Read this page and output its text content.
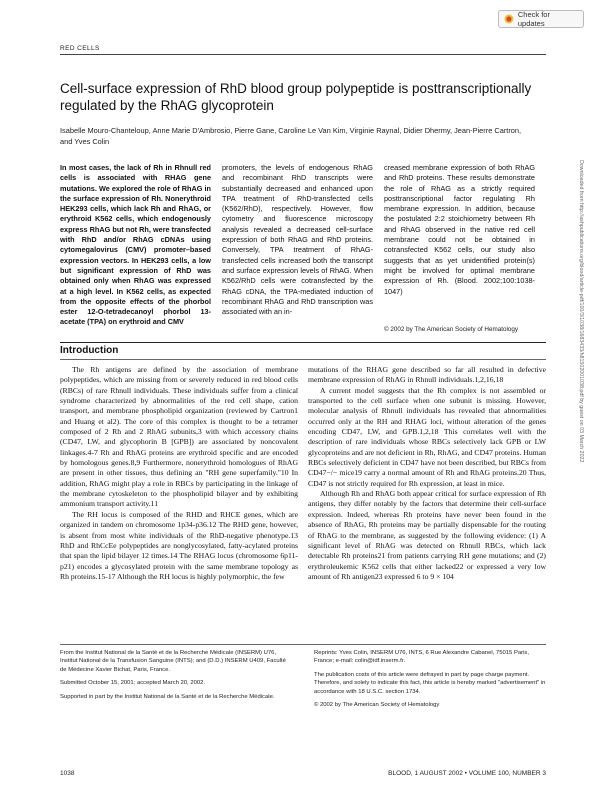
Check for updates
RED CELLS
Cell-surface expression of RhD blood group polypeptide is posttranscriptionally regulated by the RhAG glycoprotein
Isabelle Mouro-Chanteloup, Anne Marie D'Ambrosio, Pierre Gane, Caroline Le Van Kim, Virginie Raynal, Didier Dhermy, Jean-Pierre Cartron, and Yves Colin
In most cases, the lack of Rh in Rhnull red cells is associated with RHAG gene mutations. We explored the role of RhAG in the surface expression of Rh. Nonerythroid HEK293 cells, which lack Rh and RhAG, or erythroid K562 cells, which endogenously express RhAG but not Rh, were transfected with RhD and/or RhAG cDNAs using cytomegalovirus (CMV) promoter–based expression vectors. In HEK293 cells, a low but significant expression of RhD was obtained only when RhAG was expressed at a high level. In K562 cells, as expected from the opposite effects of the phorbol ester 12-O-tetradecanoyl phorbol 13-acetate (TPA) on erythroid and CMV
promoters, the levels of endogenous RhAG and recombinant RhD transcripts were substantially decreased and enhanced upon TPA treatment of RhD-transfected cells (K562/RhD), respectively. However, flow cytometry and fluorescence microscopy analysis revealed a decreased cell-surface expression of both RhAG and RhD proteins. Conversely, TPA treatment of RhAG-transfected cells increased both the transcript and surface expression levels of RhAG. When K562/RhD cells were cotransfected by the RhAG cDNA, the TPA-mediated induction of recombinant RhAG and RhD transcription was associated with an in-
creased membrane expression of both RhAG and RhD proteins. These results demonstrate the role of RhAG as a strictly required posttranscriptional factor regulating Rh membrane expression. In addition, because the postulated 2:2 stoichiometry between Rh and RhAG observed in the native red cell membrane could not be obtained in cotransfected K562 cells, our study also suggests that as yet unidentified protein(s) might be involved for optimal membrane expression of Rh. (Blood. 2002;100:1038-1047)
© 2002 by The American Society of Hematology
Introduction

The Rh antigens are defined by the association of membrane polypeptides, which are missing from or severely reduced in red blood cells (RBCs) of rare Rhnull individuals. These individuals suffer from a clinical syndrome characterized by abnormalities of the red cell shape, cation transport, and membrane phospholipid organization (reviewed by Cartron1 and Huang et al2). The core of this complex is thought to be a tetramer composed of 2 Rh and 2 RhAG subunits,3 with which accessory chains (CD47, LW, and glycophorin B [GPB]) are associated by noncovalent linkages.4-7 Rh and RhAG proteins are erythroid specific and are encoded by homologous genes.8,9 Furthermore, nonerythroid homologues of RhAG are present in other tissues, thus defining an "RH gene superfamily."10 In addition, RhAG might play a role in RBCs by participating in the linkage of the membrane cytoskeleton to the phospholipid bilayer and by exhibiting ammonium transport activity.11

The RH locus is composed of the RHD and RHCE genes, which are organized in tandem on chromosome 1p34-p36.12 The RHD gene, however, is absent from most white individuals of the RhD-negative phenotype.13 RhD and RhCcEe polypeptides are nonglycosylated, fatty-acylated proteins that span the lipid bilayer 12 times.14 The RHAG locus (chromosome 6p11-p21) encodes a glycosylated protein with the same membrane topology as Rh proteins.15-17 Although the RH locus is highly polymorphic, the few

mutations of the RHAG gene described so far all resulted in defective membrane expression of RhAG in Rhnull individuals.1,2,16,18

A current model suggests that the Rh complex is not assembled or transported to the cell surface when one subunit is missing. However, molecular analysis of Rhnull individuals has revealed that abnormalities occurred only at the RH and RHAG loci, without alteration of the genes encoding CD47, LW, and GPB.1,2,18 This correlates well with the description of rare individuals whose RBCs selectively lack GPB or LW glycoproteins and are not deficient in Rh, RhAG, and CD47 proteins. Human RBCs selectively deficient in CD47 have not been described, but RBCs from CD47−/− mice19 carry a normal amount of Rh and RhAG proteins.20 Thus, CD47 is not strictly required for Rh expression, at least in mice.

Although Rh and RhAG both appear critical for surface expression of Rh antigens, they differ notably by the factors that determine their cell-surface expression. Indeed, whereas Rh proteins have never been found in the absence of RhAG, Rh proteins may be partially dispensable for the routing of RhAG to the membrane, as suggested by the following evidence: (1) A significant level of RhAG was detected on Rhnull RBCs, which lack detectable Rh proteins21 from patients carrying RH gene mutations; and (2) erythroleukemic K562 cells that either lacked22 or expressed a very low amount of Rh antigen23 expressed 6 to 9 × 104

From the Institut National de la Santé et de la Recherche Médicale (INSERM) U76, Institut National de la Transfusion Sanguine (INTS); and (D.D.) INSERM U409, Faculté de Médecine Xavier Bichat, Paris, France.

Submitted October 15, 2001; accepted March 20, 2002.

Supported in part by the Institut National de la Santé et de la Recherche Médicale.

Reprints: Yves Colin, INSERM U76, INTS, 6 Rue Alexandre Cabanel, 75015 Paris, France; e-mail: colin@idf.inserm.fr.

The publication costs of this article were defrayed in part by page charge payment. Therefore, and solely to indicate this fact, this article is hereby marked "advertisement" in accordance with 18 U.S.C. section 1734.

© 2002 by The American Society of Hematology

1038	BLOOD, 1 AUGUST 2002 • VOLUME 100, NUMBER 3
Downloaded from http://ashpublications.org/blood/article-pdf/100/3/1038/1683433/h81502001038.pdf by guest on 03 March 2022
